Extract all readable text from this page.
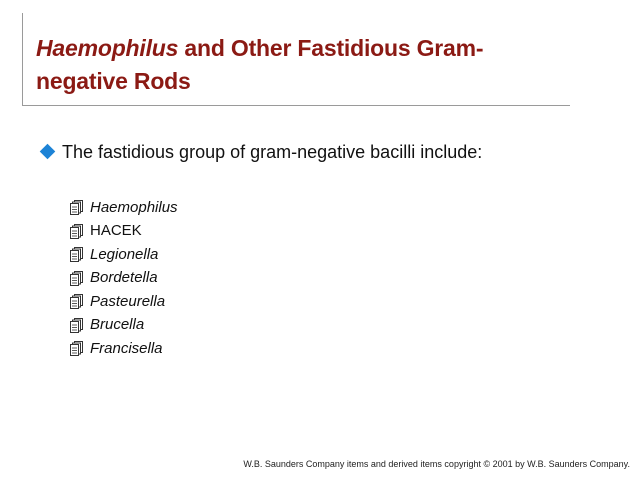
Haemophilus and Other Fastidious Gram-
negative Rods

The fastidious group of gram-negative bacilli include:

Haemophilus
HACEK
Legionella
Bordetella
Pasteurella
Brucella
Francisella
W.B. Saunders Company items and derived items copyright © 2001 by W.B. Saunders Company.
